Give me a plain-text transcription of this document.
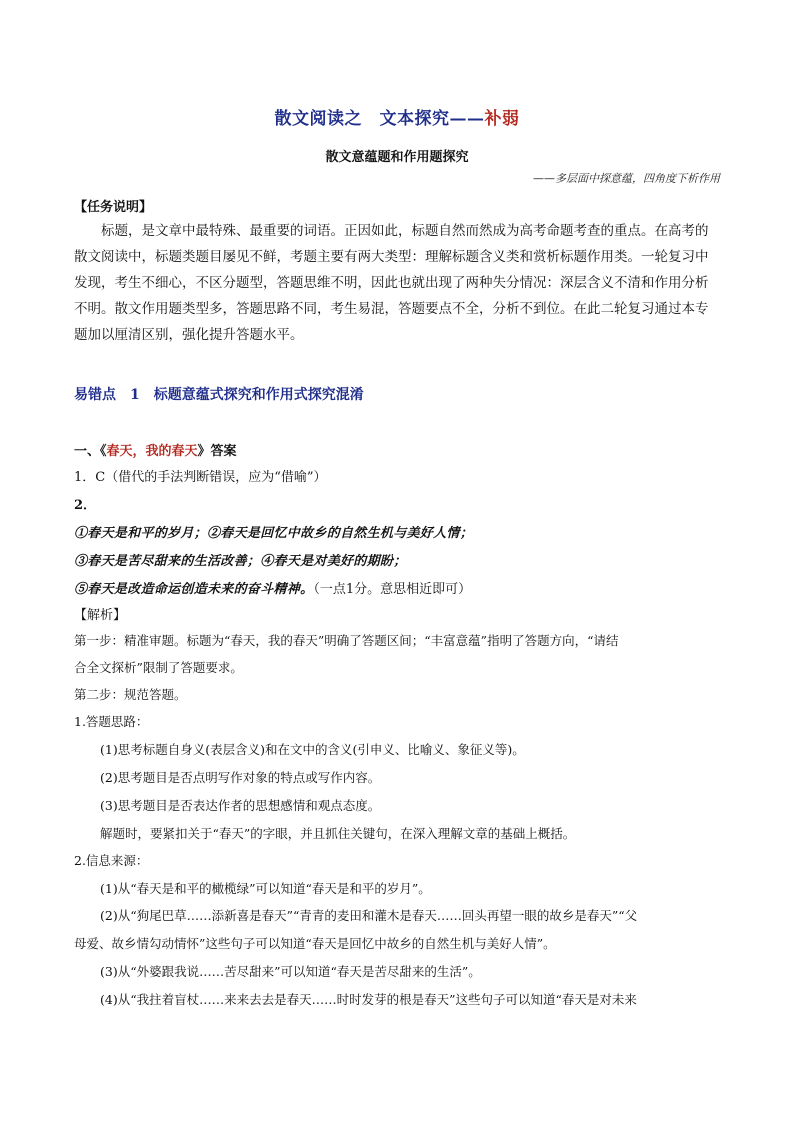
散文阅读之　文本探究——补弱
散文意蕴题和作用题探究
——多层面中探意蕴，四角度下析作用
【任务说明】
标题，是文章中最特殊、最重要的词语。正因如此，标题自然而然成为高考命题考查的重点。在高考的散文阅读中，标题类题目屡见不鲜，考题主要有两大类型：理解标题含义类和赏析标题作用类。一轮复习中发现，考生不细心，不区分题型，答题思维不明，因此也就出现了两种失分情况：深层含义不清和作用分析不明。散文作用题类型多，答题思路不同，考生易混，答题要点不全，分析不到位。在此二轮复习通过本专题加以厘清区别，强化提升答题水平。
易错点　1　标题意蕴式探究和作用式探究混淆
一、《春天，我的春天》答案
1．C（借代的手法判断错误，应为“借喻”）
2．
①春天是和平的岁月；②春天是回忆中故乡的自然生机与美好人情；
③春天是苦尽甜来的生活改善；④春天是对美好的期盼；
⑤春天是改造命运创造未来的奋斗精神。（一点1分。意思相近即可）
【解析】
第一步：精准审题。标题为“春天，我的春天”明确了答题区间；“丰富意蕴”指明了答题方向，“请结
合全文探析”限制了答题要求。
第二步：规范答题。
1.答题思路：
(1)思考标题自身义(表层含义)和在文中的含义(引申义、比喻义、象征义等)。
(2)思考题目是否点明写作对象的特点或写作内容。
(3)思考题目是否表达作者的思想感情和观点态度。
解题时，要紧扣关于“春天”的字眼，并且抓住关键句，在深入理解文章的基础上概括。
2.信息来源：
(1)从“春天是和平的橄榄绿”可以知道“春天是和平的岁月”。
(2)从“狗尾巴草……添新喜是春天”“青青的麦田和灌木是春天……回头再望一眼的故乡是春天”“父
母爱、故乡情勾动情怀”这些句子可以知道“春天是回忆中故乡的自然生机与美好人情”。
(3)从“外婆跟我说……苦尽甜来”可以知道“春天是苦尽甜来的生活”。
(4)从“我拄着盲杖……来来去去是春天……时时发芽的根是春天”这些句子可以知道“春天是对未来
